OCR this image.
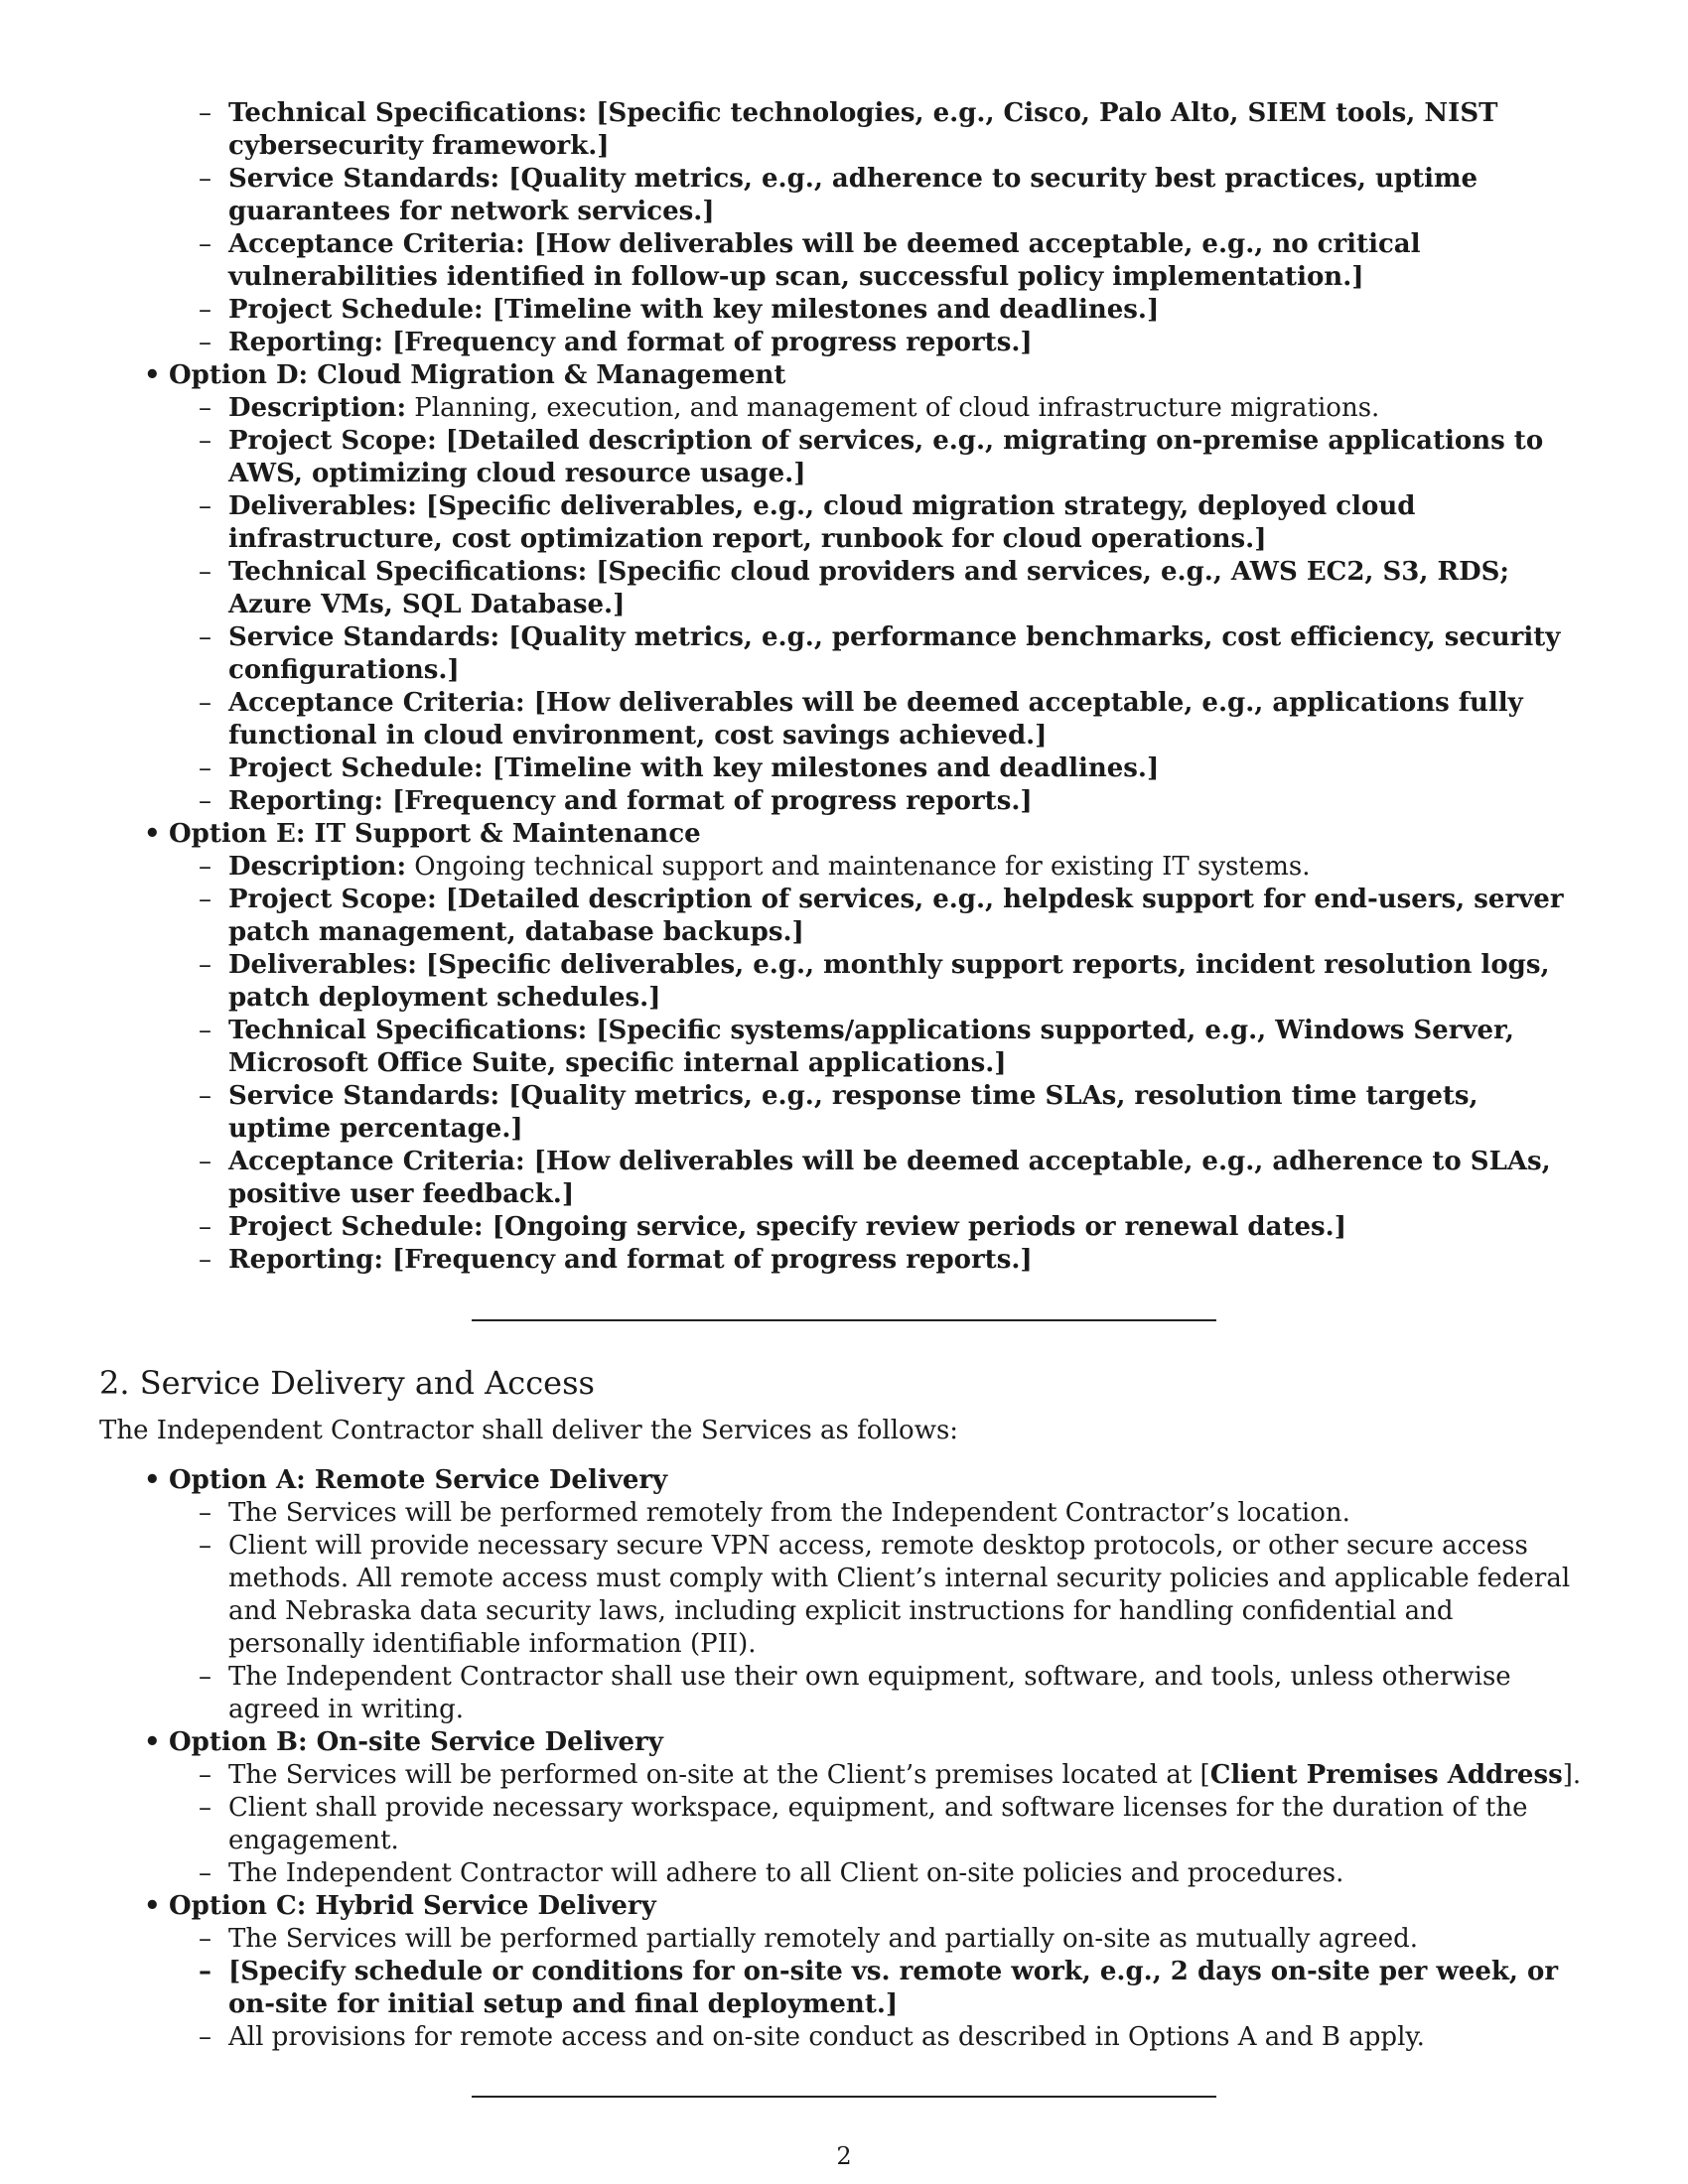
– Technical Specifications: [Specific technologies, e.g., Cisco, Palo Alto, SIEM tools, NIST cybersecurity framework.]
– Service Standards: [Quality metrics, e.g., adherence to security best practices, uptime guarantees for network services.]
– Acceptance Criteria: [How deliverables will be deemed acceptable, e.g., no critical vulnerabilities identified in follow-up scan, successful policy implementation.]
– Project Schedule: [Timeline with key milestones and deadlines.]
– Reporting: [Frequency and format of progress reports.]
• Option D: Cloud Migration & Management
– Description: Planning, execution, and management of cloud infrastructure migrations.
– Project Scope: [Detailed description of services, e.g., migrating on-premise applications to AWS, optimizing cloud resource usage.]
– Deliverables: [Specific deliverables, e.g., cloud migration strategy, deployed cloud infrastructure, cost optimization report, runbook for cloud operations.]
– Technical Specifications: [Specific cloud providers and services, e.g., AWS EC2, S3, RDS; Azure VMs, SQL Database.]
– Service Standards: [Quality metrics, e.g., performance benchmarks, cost efficiency, security configurations.]
– Acceptance Criteria: [How deliverables will be deemed acceptable, e.g., applications fully functional in cloud environment, cost savings achieved.]
– Project Schedule: [Timeline with key milestones and deadlines.]
– Reporting: [Frequency and format of progress reports.]
• Option E: IT Support & Maintenance
– Description: Ongoing technical support and maintenance for existing IT systems.
– Project Scope: [Detailed description of services, e.g., helpdesk support for end-users, server patch management, database backups.]
– Deliverables: [Specific deliverables, e.g., monthly support reports, incident resolution logs, patch deployment schedules.]
– Technical Specifications: [Specific systems/applications supported, e.g., Windows Server, Microsoft Office Suite, specific internal applications.]
– Service Standards: [Quality metrics, e.g., response time SLAs, resolution time targets, uptime percentage.]
– Acceptance Criteria: [How deliverables will be deemed acceptable, e.g., adherence to SLAs, positive user feedback.]
– Project Schedule: [Ongoing service, specify review periods or renewal dates.]
– Reporting: [Frequency and format of progress reports.]
2. Service Delivery and Access
The Independent Contractor shall deliver the Services as follows:
• Option A: Remote Service Delivery
– The Services will be performed remotely from the Independent Contractor’s location.
– Client will provide necessary secure VPN access, remote desktop protocols, or other secure access methods. All remote access must comply with Client’s internal security policies and applicable federal and Nebraska data security laws, including explicit instructions for handling confidential and personally identifiable information (PII).
– The Independent Contractor shall use their own equipment, software, and tools, unless otherwise agreed in writing.
• Option B: On-site Service Delivery
– The Services will be performed on-site at the Client’s premises located at [Client Premises Address].
– Client shall provide necessary workspace, equipment, and software licenses for the duration of the engagement.
– The Independent Contractor will adhere to all Client on-site policies and procedures.
• Option C: Hybrid Service Delivery
– The Services will be performed partially remotely and partially on-site as mutually agreed.
– [Specify schedule or conditions for on-site vs. remote work, e.g., 2 days on-site per week, or on-site for initial setup and final deployment.]
– All provisions for remote access and on-site conduct as described in Options A and B apply.
2
